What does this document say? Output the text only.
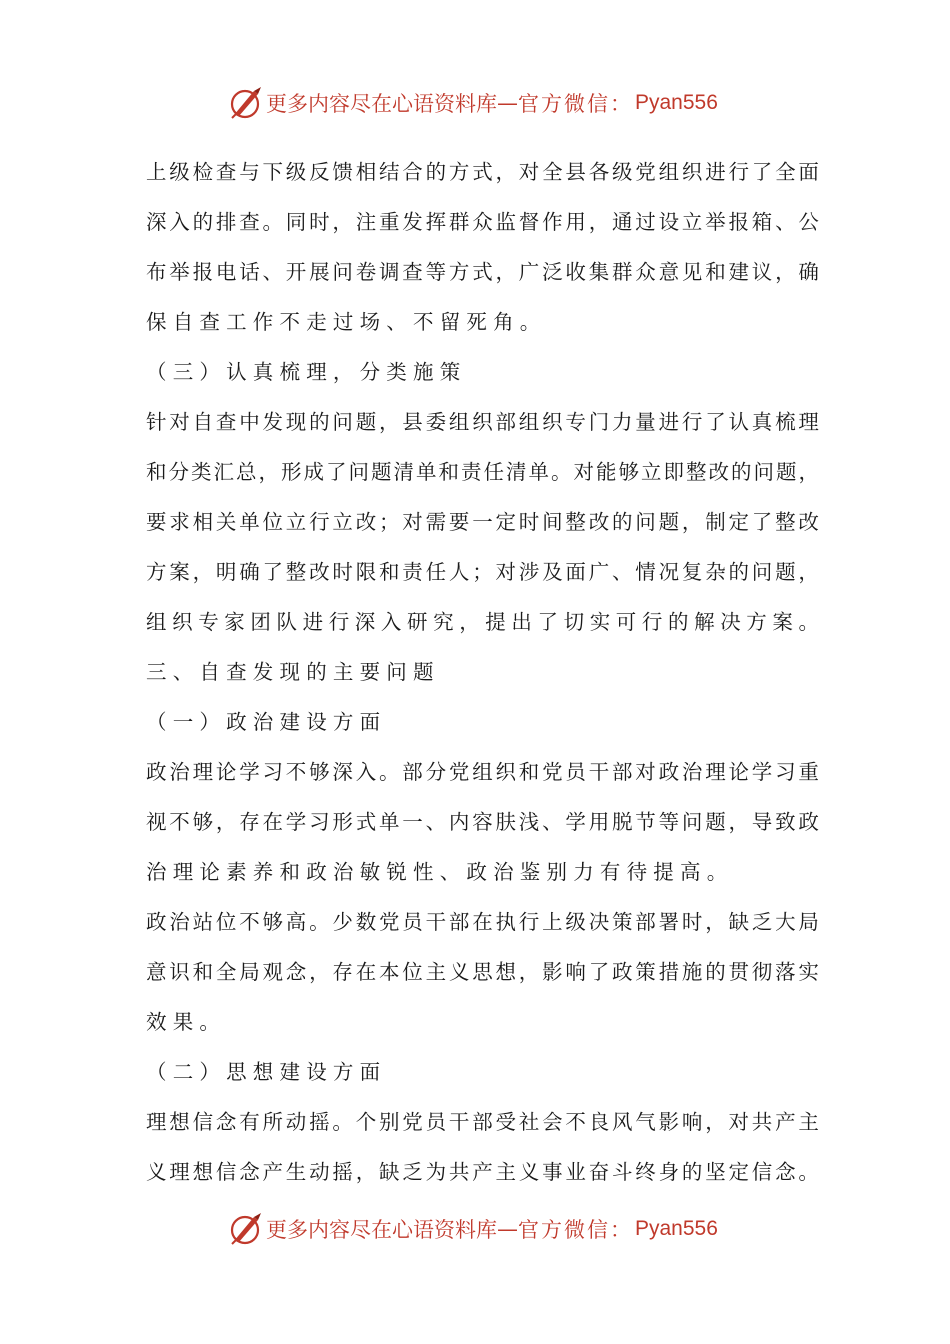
更多内容尽在心语资料库 — 官方微信： Pyan556
上级检查与下级反馈相结合的方式，对全县各级党组织进行了全面
深入的排查。同时，注重发挥群众监督作用，通过设立举报箱、公
布举报电话、开展问卷调查等方式，广泛收集群众意见和建议，确
保自查工作不走过场、不留死角。
（三）认真梳理，分类施策
针对自查中发现的问题，县委组织部组织专门力量进行了认真梳理
和分类汇总，形成了问题清单和责任清单。对能够立即整改的问题，
要求相关单位立行立改；对需要一定时间整改的问题，制定了整改
方案，明确了整改时限和责任人；对涉及面广、情况复杂的问题，
组织专家团队进行深入研究，提出了切实可行的解决方案。
三、自查发现的主要问题
（一）政治建设方面
政治理论学习不够深入。部分党组织和党员干部对政治理论学习重
视不够，存在学习形式单一、内容肤浅、学用脱节等问题，导致政
治理论素养和政治敏锐性、政治鉴别力有待提高。
政治站位不够高。少数党员干部在执行上级决策部署时，缺乏大局
意识和全局观念，存在本位主义思想，影响了政策措施的贯彻落实
效果。
（二）思想建设方面
理想信念有所动摇。个别党员干部受社会不良风气影响，对共产主
义理想信念产生动摇，缺乏为共产主义事业奋斗终身的坚定信念。
更多内容尽在心语资料库 — 官方微信： Pyan556
